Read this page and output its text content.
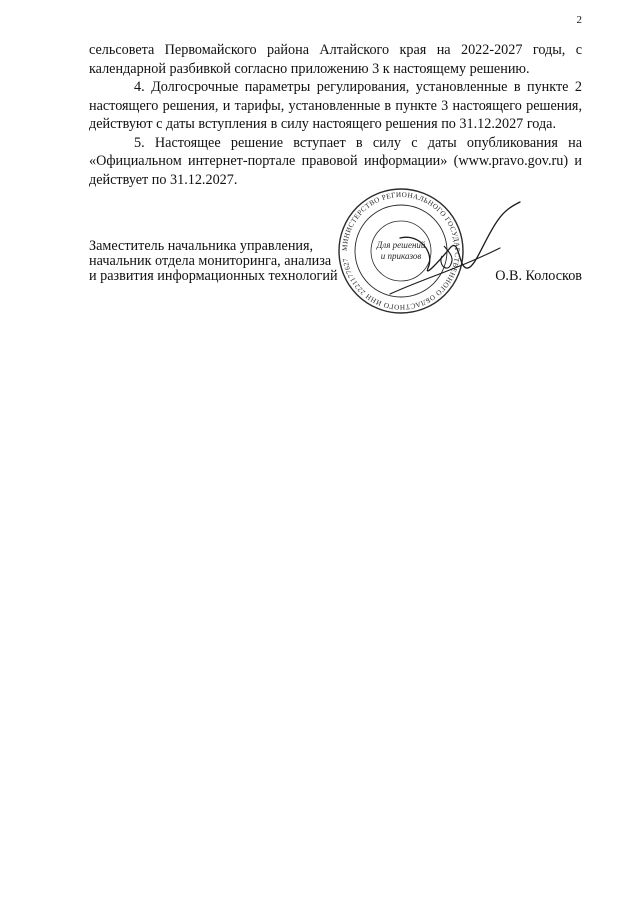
2

сельсовета Первомайского района Алтайского края на 2022-2027 годы, с календарной разбивкой согласно приложению 3 к настоящему решению.

4. Долгосрочные параметры регулирования, установленные в пункте 2 настоящего решения, и тарифы, установленные в пункте 3 настоящего решения, действуют с даты вступления в силу настоящего решения по 31.12.2027 года.

5. Настоящее решение вступает в силу с даты опубликования на «Официальном интернет-портале правовой информации» (www.pravo.gov.ru) и действует по 31.12.2027.

МИНИСТЕРСТВО РЕГИОНАЛЬНОГО ГОСУДАРСТВЕННОГО ОБЛАСТНОГО ИНН 2221177627
Для решений
и приказов
Заместитель начальника управления,
начальник отдела мониторинга, анализа
и развития информационных технологий	О.В. Колосков
